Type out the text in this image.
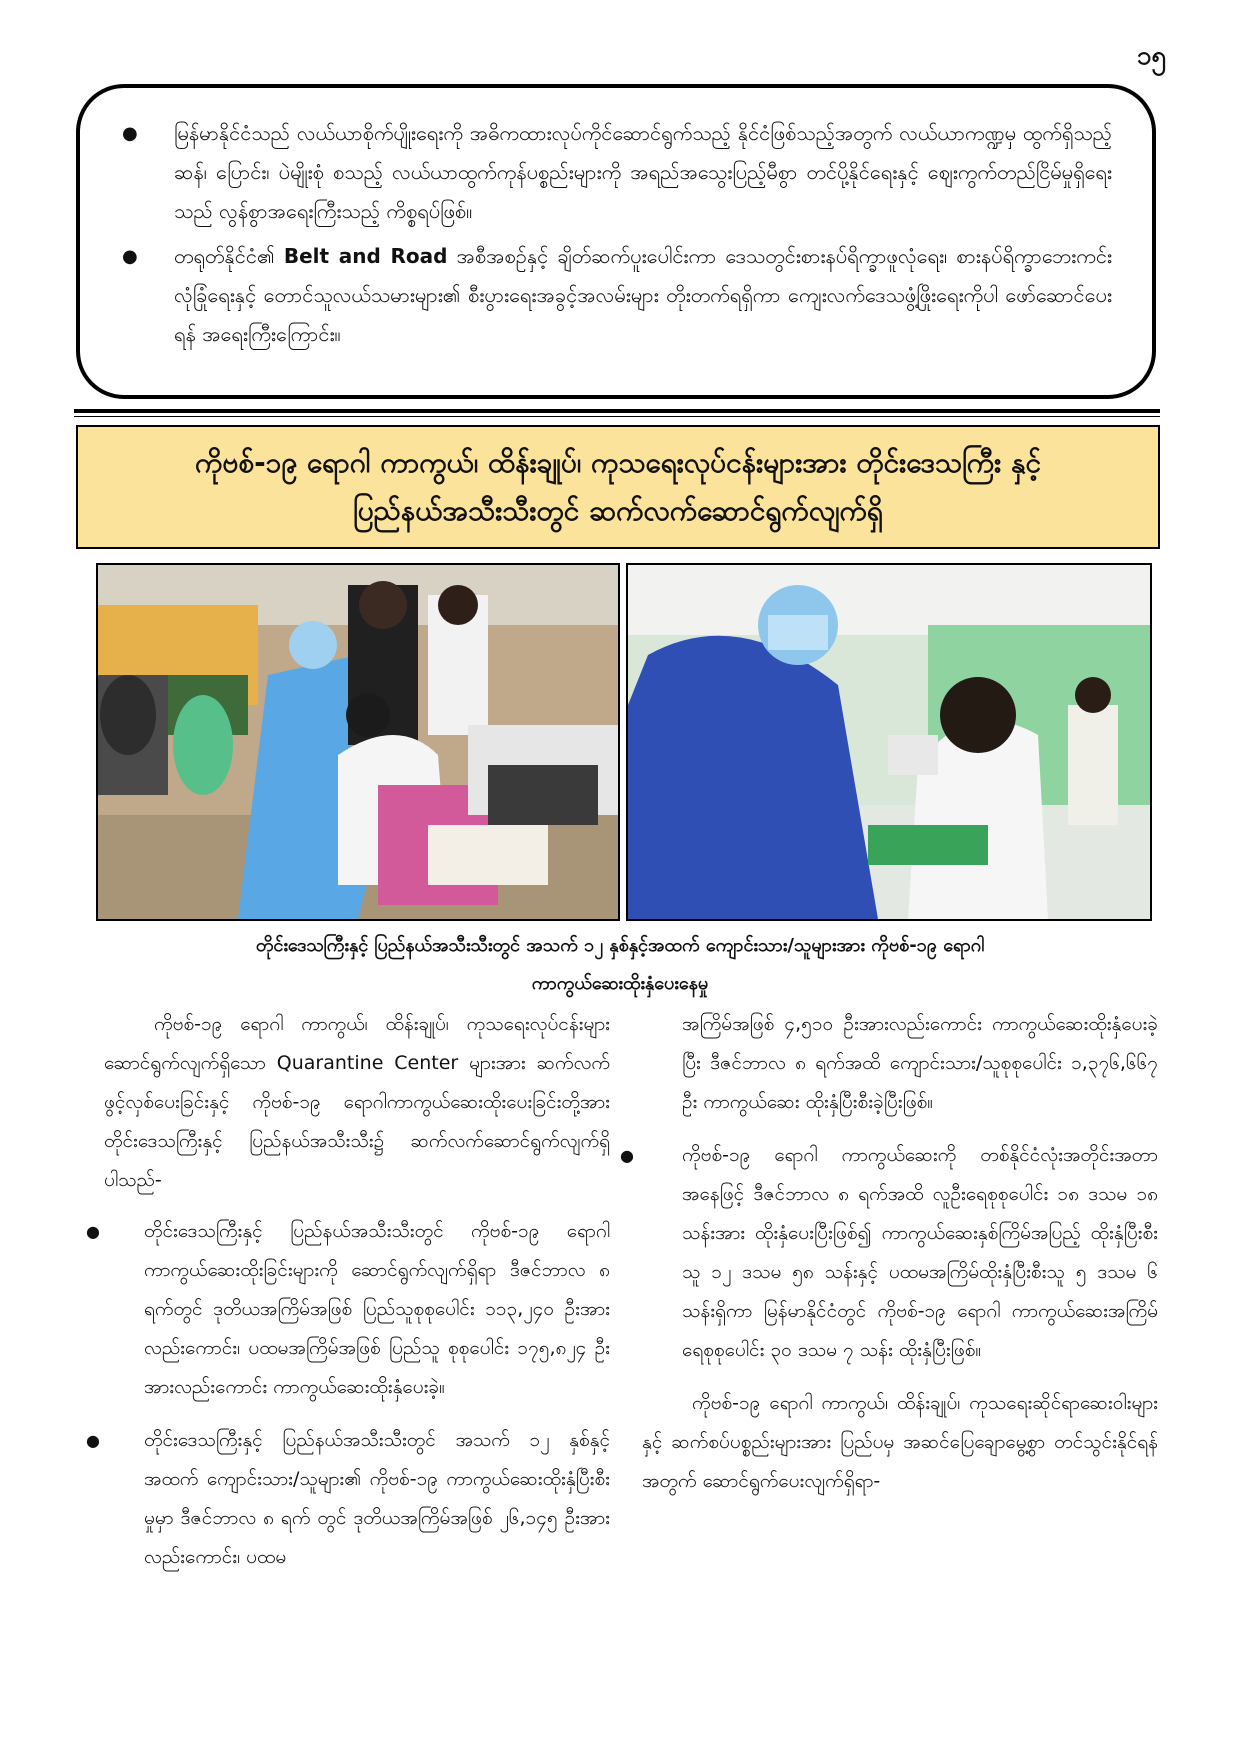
၁၅
● မြန်မာနိုင်ငံသည် လယ်ယာစိုက်ပျိုးရေးကို အဓိကထားလုပ်ကိုင်ဆောင်ရွက်သည့် နိုင်ငံဖြစ်သည့်အတွက် လယ်ယာကဏ္ဍမှ ထွက်ရှိသည့် ဆန်၊ ပြောင်း၊ ပဲမျိုးစုံ စသည့် လယ်ယာထွက်ကုန်ပစ္စည်းများကို အရည်အသွေးပြည့်မီစွာ တင်ပို့နိုင်ရေးနှင့် ဈေးကွက်တည်ငြိမ်မှုရှိရေးသည် လွန်စွာအရေးကြီးသည့် ကိစ္စရပ်ဖြစ်။
● တရုတ်နိုင်ငံ၏ Belt and Road အစီအစဉ်နှင့် ချိတ်ဆက်ပူးပေါင်းကာ ဒေသတွင်းစားနပ်ရိက္ခာဖူလုံရေး၊ စားနပ်ရိက္ခာဘေးကင်းလုံခြုံရေးနှင့် တောင်သူလယ်သမားများ၏ စီးပွားရေးအခွင့်အလမ်းများ တိုးတက်ရရှိကာ ကျေးလက်ဒေသဖွံ့ဖြိုးရေးကိုပါ ဖော်ဆောင်ပေးရန် အရေးကြီးကြောင်း။
ကိုဗစ်-၁၉ ရောဂါ ကာကွယ်၊ ထိန်းချုပ်၊ ကုသရေးလုပ်ငန်းများအား တိုင်းဒေသကြီး နှင့်
ပြည်နယ်အသီးသီးတွင် ဆက်လက်ဆောင်ရွက်လျက်ရှိ
တိုင်းဒေသကြီးနှင့် ပြည်နယ်အသီးသီးတွင် အသက် ၁၂ နှစ်နှင့်အထက် ကျောင်းသား/သူများအား ကိုဗစ်-၁၉ ရောဂါ
ကာကွယ်ဆေးထိုးနှံပေးနေမှု

ကိုဗစ်-၁၉ ရောဂါ ကာကွယ်၊ ထိန်းချုပ်၊ ကုသရေးလုပ်ငန်းများ ဆောင်ရွက်လျက်ရှိသော Quarantine Center များအား ဆက်လက်ဖွင့်လှစ်ပေးခြင်းနှင့် ကိုဗစ်-၁၉ ရောဂါကာကွယ်ဆေးထိုးပေးခြင်းတို့အား တိုင်းဒေသကြီးနှင့် ပြည်နယ်အသီးသီး၌ ဆက်လက်ဆောင်ရွက်လျက်ရှိပါသည်-

● တိုင်းဒေသကြီးနှင့် ပြည်နယ်အသီးသီးတွင် ကိုဗစ်-၁၉ ရောဂါ ကာကွယ်ဆေးထိုးခြင်းများကို ဆောင်ရွက်လျက်ရှိရာ ဒီဇင်ဘာလ ၈ ရက်တွင် ဒုတိယအကြိမ်အဖြစ် ပြည်သူစုစုပေါင်း ၁၁၃,၂၄၀ ဦးအားလည်းကောင်း၊ ပထမအကြိမ်အဖြစ် ပြည်သူ စုစုပေါင်း ၁၇၅,၈၂၄ ဦးအားလည်းကောင်း ကာကွယ်ဆေးထိုးနှံပေးခဲ့။
● တိုင်းဒေသကြီးနှင့် ပြည်နယ်အသီးသီးတွင် အသက် ၁၂ နှစ်နှင့်အထက် ကျောင်းသား/သူများ၏ ကိုဗစ်-၁၉ ကာကွယ်ဆေးထိုးနှံပြီးစီးမှုမှာ ဒီဇင်ဘာလ ၈ ရက် တွင် ဒုတိယအကြိမ်အဖြစ် ၂၆,၁၄၅ ဦးအားလည်းကောင်း၊ ပထမ

အကြိမ်အဖြစ် ၄,၅၁၀ ဦးအားလည်းကောင်း ကာကွယ်ဆေးထိုးနှံပေးခဲ့ပြီး ဒီဇင်ဘာလ ၈ ရက်အထိ ကျောင်းသား/သူစုစုပေါင်း ၁,၃၇၆,၆၆၇ ဦး ကာကွယ်ဆေး ထိုးနှံပြီးစီးခဲ့ပြီးဖြစ်။

● ကိုဗစ်-၁၉ ရောဂါ ကာကွယ်ဆေးကို တစ်နိုင်ငံလုံးအတိုင်းအတာအနေဖြင့် ဒီဇင်ဘာလ ၈ ရက်အထိ လူဦးရေစုစုပေါင်း ၁၈ ဒသမ ၁၈ သန်းအား ထိုးနှံပေးပြီးဖြစ်၍ ကာကွယ်ဆေးနှစ်ကြိမ်အပြည့် ထိုးနှံပြီးစီးသူ ၁၂ ဒသမ ၅၈ သန်းနှင့် ပထမအကြိမ်ထိုးနှံပြီးစီးသူ ၅ ဒသမ ၆ သန်းရှိကာ မြန်မာနိုင်ငံတွင် ကိုဗစ်-၁၉ ရောဂါ ကာကွယ်ဆေးအကြိမ်ရေစုစုပေါင်း ၃၀ ဒသမ ၇ သန်း ထိုးနှံပြီးဖြစ်။

ကိုဗစ်-၁၉ ရောဂါ ကာကွယ်၊ ထိန်းချုပ်၊ ကုသရေးဆိုင်ရာဆေးဝါးများနှင့် ဆက်စပ်ပစ္စည်းများအား ပြည်ပမှ အဆင်ပြေချောမွေ့စွာ တင်သွင်းနိုင်ရန်အတွက် ဆောင်ရွက်ပေးလျက်ရှိရာ-
